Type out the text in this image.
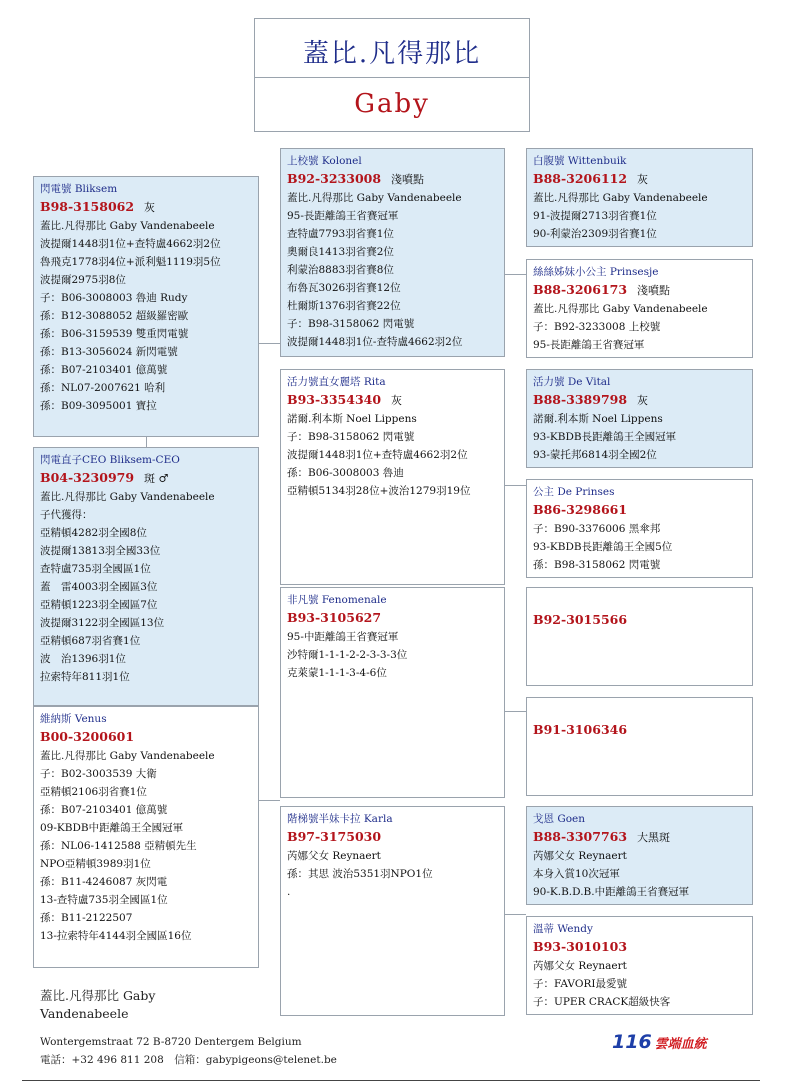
蓋比.凡得那比
Gaby
閃電號 Bliksem
B98-3158062 灰
蓋比.凡得那比 Gaby Vandenabeele
波提爾1448羽1位+查特盧4662羽2位
魯飛克1778羽4位+派利魁1119羽5位
波提爾2975羽8位
子：B06-3008003 魯迪 Rudy
孫：B12-3088052 超級羅密歐
孫：B06-3159539 雙重閃電號
孫：B13-3056024 新閃電號
孫：B07-2103401 億萬號
孫：NL07-2007621 哈利
孫：B09-3095001 寶拉
閃電直子CEO Bliksem-CEO
B04-3230979 斑 ♂
蓋比.凡得那比 Gaby Vandenabeele
子代獲得：
亞精頓4282羽全國8位
波提爾13813羽全國33位
查特盧735羽全國區1位
蓋　雷4003羽全國區3位
亞精頓1223羽全國區7位
波提爾3122羽全國區13位
亞精頓687羽省賽1位
波　治1396羽1位
拉索特年811羽1位
維納斯 Venus
B00-3200601
蓋比.凡得那比 Gaby Vandenabeele
子：B02-3003539 大衛
亞精頓2106羽省賽1位
孫：B07-2103401 億萬號
09-KBDB中距離鴿王全國冠軍
孫：NL06-1412588 亞精頓先生
NPO亞精頓3989羽1位
孫：B11-4246087 灰閃電
13-查特盧735羽全國區1位
孫：B11-2122507
13-拉索特年4144羽全國區16位
上校號 Kolonel
B92-3233008 淺噴點
蓋比.凡得那比 Gaby Vandenabeele
95-長距離鴿王省賽冠軍
查特盧7793羽省賽1位
奧爾良1413羽省賽2位
利蒙治8883羽省賽8位
布魯瓦3026羽省賽12位
杜爾斯1376羽省賽22位
子：B98-3158062 閃電號
波提爾1448羽1位-查特盧4662羽2位
活力號直女麗塔 Rita
B93-3354340 灰
諾爾.利本斯 Noel Lippens
子：B98-3158062 閃電號
波提爾1448羽1位+查特盧4662羽2位
孫：B06-3008003 魯迪
亞精頓5134羽28位+波治1279羽19位
非凡號 Fenomenale
B93-3105627
95-中距離鴿王省賽冠軍
沙特爾1-1-1-2-2-3-3-3位
克萊蒙1-1-1-3-4-6位
階梯號半妹卡拉 Karla
B97-3175030
芮娜父女 Reynaert
孫：其思 波治5351羽NPO1位
.
白腹號 Wittenbuik
B88-3206112 灰
蓋比.凡得那比 Gaby Vandenabeele
91-波提爾2713羽省賽1位
90-利蒙治2309羽省賽1位
絲絲姊妹小公主 Prinsesje
B88-3206173 淺噴點
蓋比.凡得那比 Gaby Vandenabeele
子：B92-3233008 上校號
95-長距離鴿王省賽冠軍
活力號 De Vital
B88-3389798 灰
諾爾.利本斯 Noel Lippens
93-KBDB長距離鴿王全國冠軍
93-蒙托邦6814羽全國2位
公主 De Prinses
B86-3298661
子：B90-3376006 黑傘邦
93-KBDB長距離鴿王全國5位
孫：B98-3158062 閃電號
B92-3015566
B91-3106346
戈恩 Goen
B88-3307763 大黑斑
芮娜父女 Reynaert
本身入賞10次冠軍
90-K.B.D.B.中距離鴿王省賽冠軍
溫蒂 Wendy
B93-3010103
芮娜父女 Reynaert
子：FAVORI最愛號
子：UPER CRACK超級快客
蓋比.凡得那比 Gaby
Vandenabeele
Wontergemstraat 72 B-8720 Dentergem Belgium
電話：+32 496 811 208　信箱：gabypigeons@telenet.be
116 雲端血統
